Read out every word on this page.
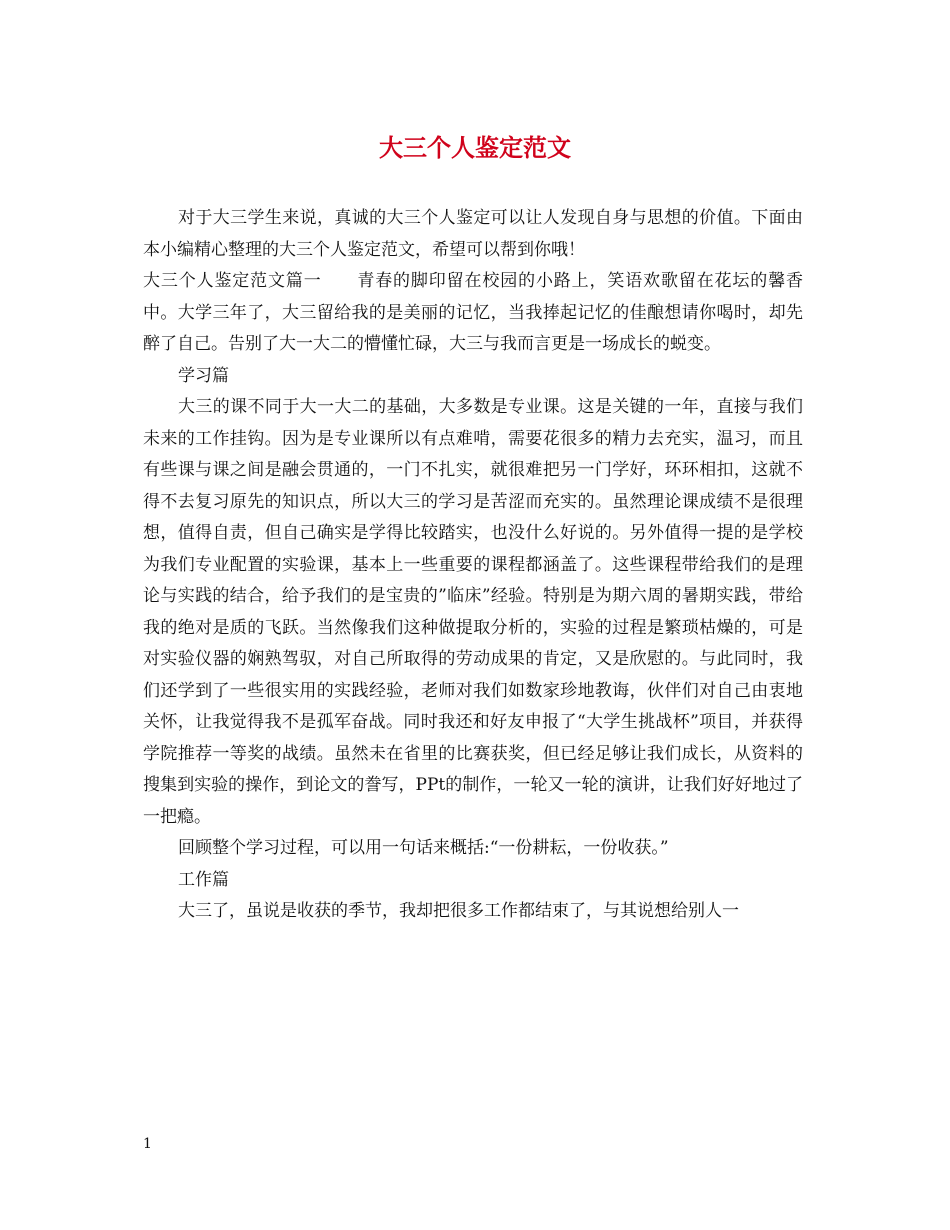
大三个人鉴定范文

对于大三学生来说，真诚的大三个人鉴定可以让人发现自身与思想的价值。下面由本小编精心整理的大三个人鉴定范文，希望可以帮到你哦！

大三个人鉴定范文篇一　　青春的脚印留在校园的小路上，笑语欢歌留在花坛的馨香中。大学三年了，大三留给我的是美丽的记忆，当我捧起记忆的佳酿想请你喝时，却先醉了自己。告别了大一大二的懵懂忙碌，大三与我而言更是一场成长的蜕变。

学习篇

大三的课不同于大一大二的基础，大多数是专业课。这是关键的一年，直接与我们未来的工作挂钩。因为是专业课所以有点难啃，需要花很多的精力去充实，温习，而且有些课与课之间是融会贯通的，一门不扎实，就很难把另一门学好，环环相扣，这就不得不去复习原先的知识点，所以大三的学习是苦涩而充实的。虽然理论课成绩不是很理想，值得自责，但自己确实是学得比较踏实，也没什么好说的。另外值得一提的是学校为我们专业配置的实验课，基本上一些重要的课程都涵盖了。这些课程带给我们的是理论与实践的结合，给予我们的是宝贵的”临床”经验。特别是为期六周的暑期实践，带给我的绝对是质的飞跃。当然像我们这种做提取分析的，实验的过程是繁琐枯燥的，可是对实验仪器的娴熟驾驭，对自己所取得的劳动成果的肯定，又是欣慰的。与此同时，我们还学到了一些很实用的实践经验，老师对我们如数家珍地教诲，伙伴们对自己由衷地关怀，让我觉得我不是孤军奋战。同时我还和好友申报了“大学生挑战杯”项目，并获得学院推荐一等奖的战绩。虽然未在省里的比赛获奖，但已经足够让我们成长，从资料的搜集到实验的操作，到论文的誊写，PPt的制作，一轮又一轮的演讲，让我们好好地过了一把瘾。

回顾整个学习过程，可以用一句话来概括:“一份耕耘，一份收获。”

工作篇

大三了，虽说是收获的季节，我却把很多工作都结束了，与其说想给别人一

1
